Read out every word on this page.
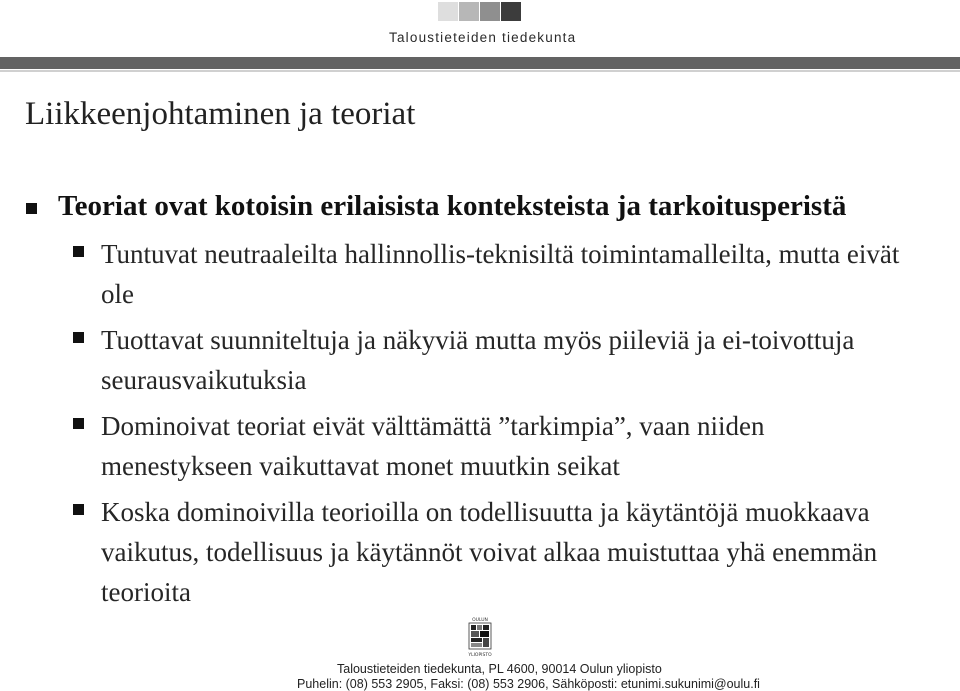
Taloustieteiden tiedekunta
Liikkeenjohtaminen ja teoriat
Teoriat ovat kotoisin erilaisista konteksteista ja tarkoitusperistä
Tuntuvat neutraaleilta hallinnollis-teknisiltä toimintamalleilta, mutta eivät ole
Tuottavat suunniteltuja ja näkyviä mutta myös piileviä ja ei-toivottuja seurausvaikutuksia
Dominoivat teoriat eivät välttämättä ”tarkimpia”, vaan niiden menestykseen vaikuttavat monet muutkin seikat
Koska dominoivilla teorioilla on todellisuutta ja käytäntöjä muokkaava vaikutus, todellisuus ja käytännöt voivat alkaa muistuttaa yhä enemmän teorioita
OULUN
YLIOPISTO
Taloustieteiden tiedekunta, PL 4600, 90014 Oulun yliopisto
Puhelin: (08) 553 2905, Faksi: (08) 553 2906, Sähköposti: etunimi.sukunimi@oulu.fi
